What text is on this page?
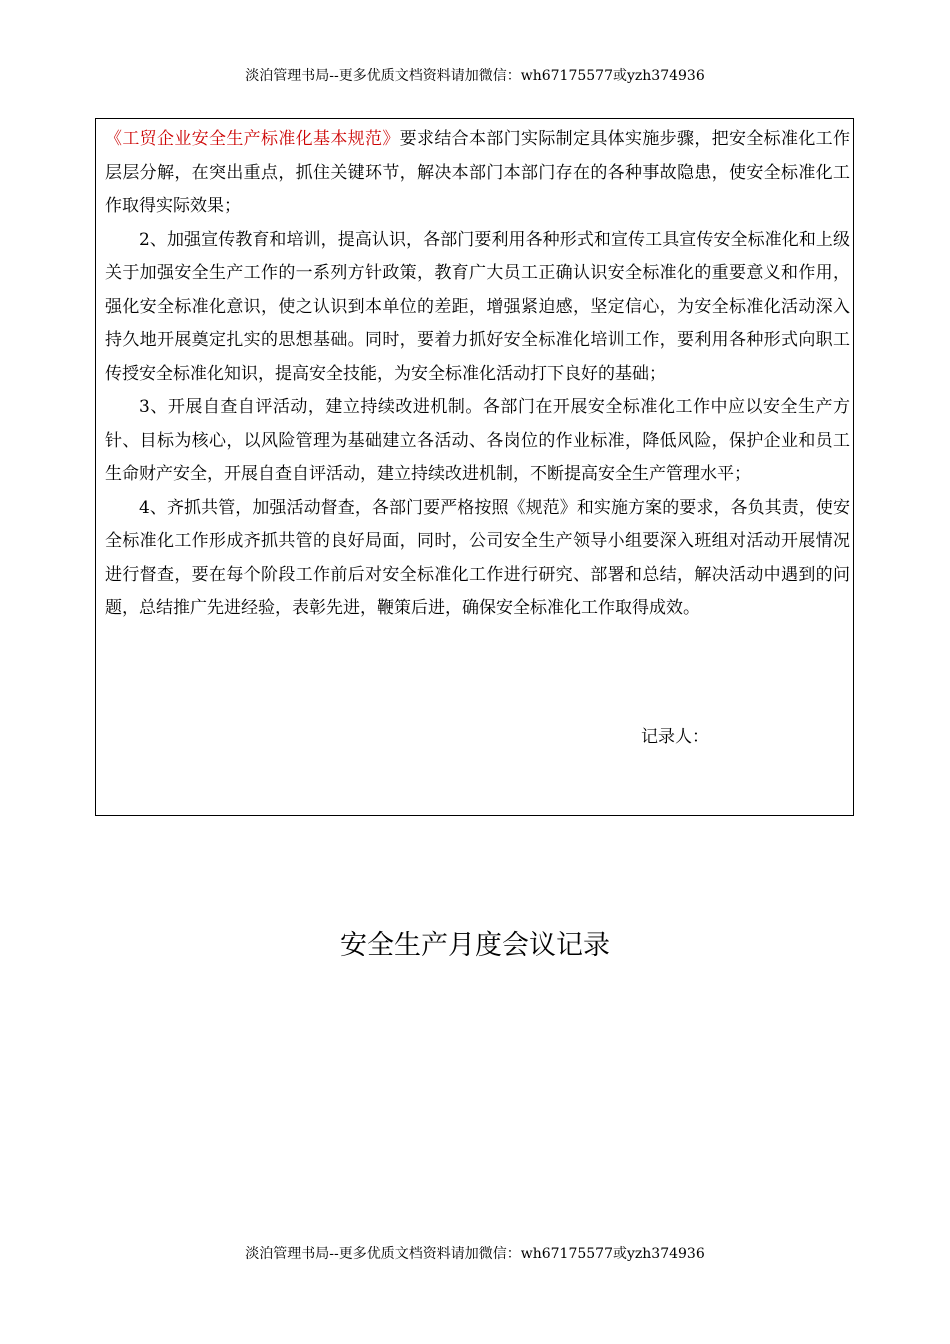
淡泊管理书局--更多优质文档资料请加微信：wh67175577或yzh374936

《工贸企业安全生产标准化基本规范》要求结合本部门实际制定具体实施步骤，把安全标准化工作层层分解，在突出重点，抓住关键环节，解决本部门本部门存在的各种事故隐患，使安全标准化工作取得实际效果；

2、加强宣传教育和培训，提高认识，各部门要利用各种形式和宣传工具宣传安全标准化和上级关于加强安全生产工作的一系列方针政策，教育广大员工正确认识安全标准化的重要意义和作用，强化安全标准化意识，使之认识到本单位的差距，增强紧迫感，坚定信心，为安全标准化活动深入持久地开展奠定扎实的思想基础。同时，要着力抓好安全标准化培训工作，要利用各种形式向职工传授安全标准化知识，提高安全技能，为安全标准化活动打下良好的基础；

3、开展自查自评活动，建立持续改进机制。各部门在开展安全标准化工作中应以安全生产方针、目标为核心，以风险管理为基础建立各活动、各岗位的作业标准，降低风险，保护企业和员工生命财产安全，开展自查自评活动，建立持续改进机制，不断提高安全生产管理水平；

4、齐抓共管，加强活动督查，各部门要严格按照《规范》和实施方案的要求，各负其责，使安全标准化工作形成齐抓共管的良好局面，同时，公司安全生产领导小组要深入班组对活动开展情况进行督查，要在每个阶段工作前后对安全标准化工作进行研究、部署和总结，解决活动中遇到的问题，总结推广先进经验，表彰先进，鞭策后进，确保安全标准化工作取得成效。

记录人：
安全生产月度会议记录
淡泊管理书局--更多优质文档资料请加微信：wh67175577或yzh374936
